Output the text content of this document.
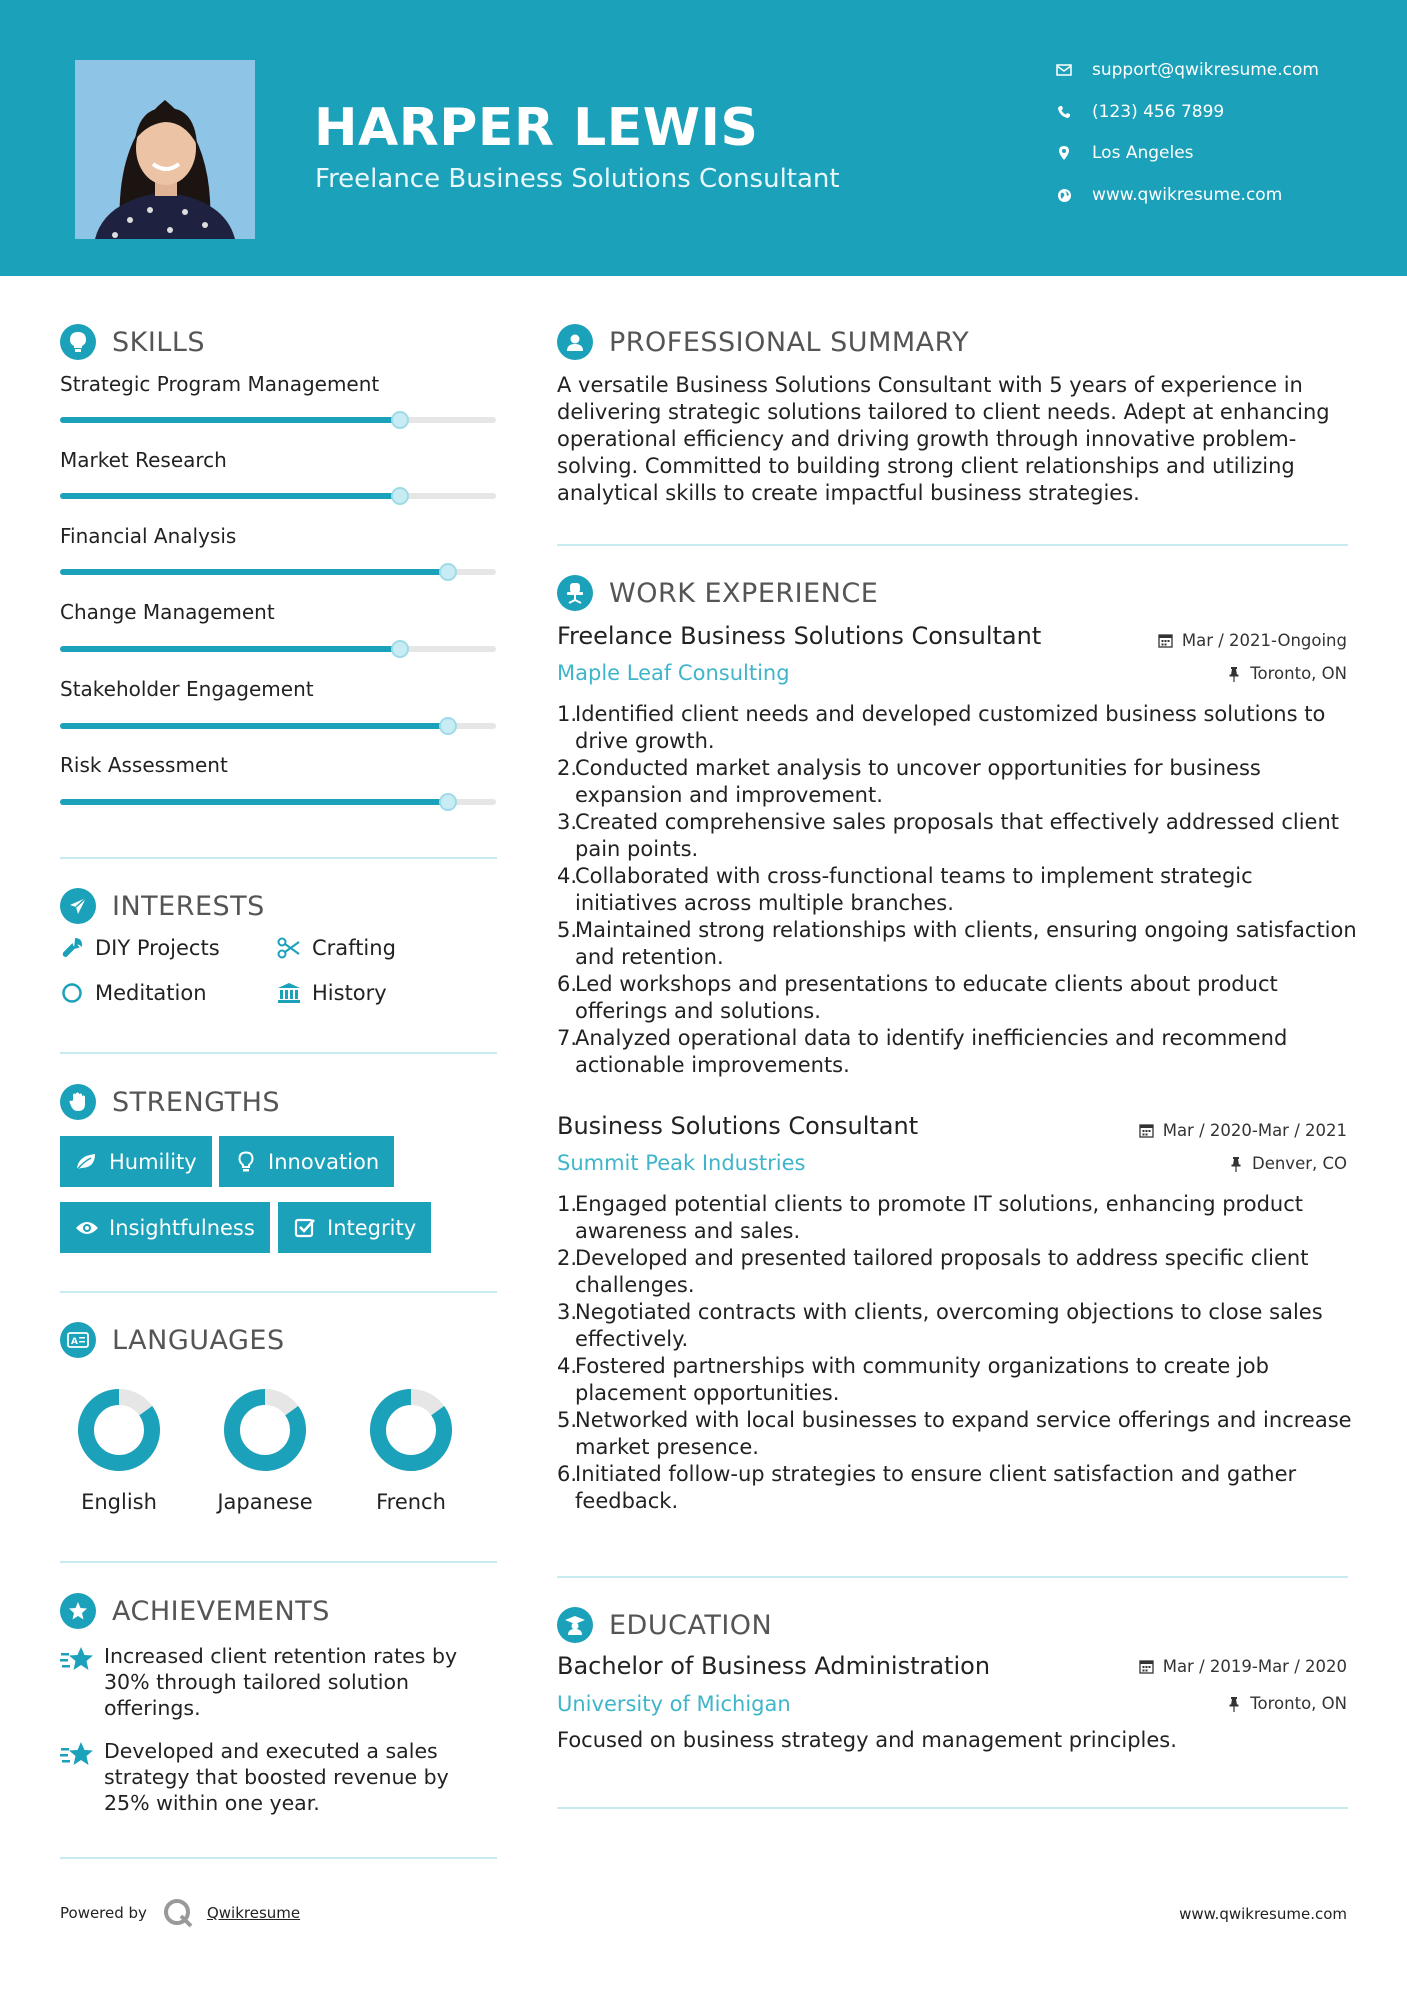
HARPER LEWIS
Freelance Business Solutions Consultant
support@qwikresume.com
(123) 456 7899
Los Angeles
www.qwikresume.com
SKILLS
Strategic Program Management
Market Research
Financial Analysis
Change Management
Stakeholder Engagement
Risk Assessment
INTERESTS
DIY Projects	Crafting
Meditation	History
STRENGTHS
Humility	Innovation
Insightfulness	Integrity
A LANGUAGES
English	Japanese	French
ACHIEVEMENTS
Increased client retention rates by 30% through tailored solution offerings.
Developed and executed a sales strategy that boosted revenue by 25% within one year.
PROFESSIONAL SUMMARY
A versatile Business Solutions Consultant with 5 years of experience in delivering strategic solutions tailored to client needs. Adept at enhancing operational efficiency and driving growth through innovative problem-solving. Committed to building strong client relationships and utilizing analytical skills to create impactful business strategies.
WORK EXPERIENCE
Freelance Business Solutions Consultant
Maple Leaf Consulting
Mar / 2021-Ongoing
Toronto, ON
1.
Identified client needs and developed customized business solutions to drive growth.
2.
Conducted market analysis to uncover opportunities for business expansion and improvement.
3.
Created comprehensive sales proposals that effectively addressed client pain points.
4.
Collaborated with cross-functional teams to implement strategic initiatives across multiple branches.
5.
Maintained strong relationships with clients, ensuring ongoing satisfaction and retention.
6.
Led workshops and presentations to educate clients about product offerings and solutions.
7.
Analyzed operational data to identify inefficiencies and recommend actionable improvements.
Business Solutions Consultant
Summit Peak Industries
Mar / 2020-Mar / 2021
Denver, CO
1.
Engaged potential clients to promote IT solutions, enhancing product awareness and sales.
2.
Developed and presented tailored proposals to address specific client challenges.
3.
Negotiated contracts with clients, overcoming objections to close sales effectively.
4.
Fostered partnerships with community organizations to create job placement opportunities.
5.
Networked with local businesses to expand service offerings and increase market presence.
6.
Initiated follow-up strategies to ensure client satisfaction and gather feedback.
EDUCATION
Bachelor of Business Administration
University of Michigan
Mar / 2019-Mar / 2020
Toronto, ON
Focused on business strategy and management principles.
Powered by	Qwikresume	www.qwikresume.com
